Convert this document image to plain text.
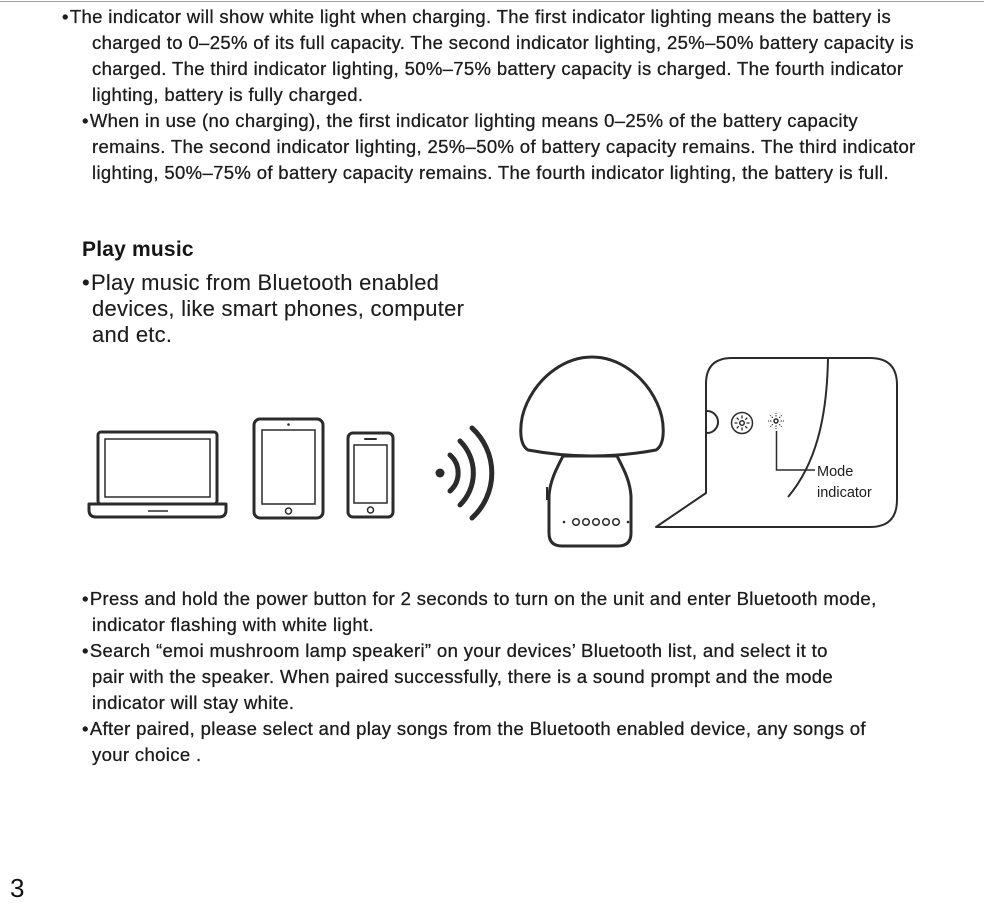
• The indicator will show white light when charging. The first indicator lighting means the battery is
charged to 0–25% of its full capacity. The second indicator lighting, 25%–50% battery capacity is
charged. The third indicator lighting, 50%–75% battery capacity is charged. The fourth indicator
lighting, battery is fully charged.
• When in use (no charging), the first indicator lighting means 0–25% of the battery capacity
remains. The second indicator lighting, 25%–50% of battery capacity remains. The third indicator
lighting, 50%–75% of battery capacity remains. The fourth indicator lighting, the battery is full.
Play music
• Play music from Bluetooth enabled
devices, like smart phones, computer
and etc.
Mode
indicator
• Press and hold the power button for 2 seconds to turn on the unit and enter Bluetooth mode,
indicator flashing with white light.
• Search “emoi mushroom lamp speakeri” on your devices’ Bluetooth list, and select it to
pair with the speaker. When paired successfully, there is a sound prompt and the mode
indicator will stay white.
• After paired, please select and play songs from the Bluetooth enabled device, any songs of
your choice .
3
